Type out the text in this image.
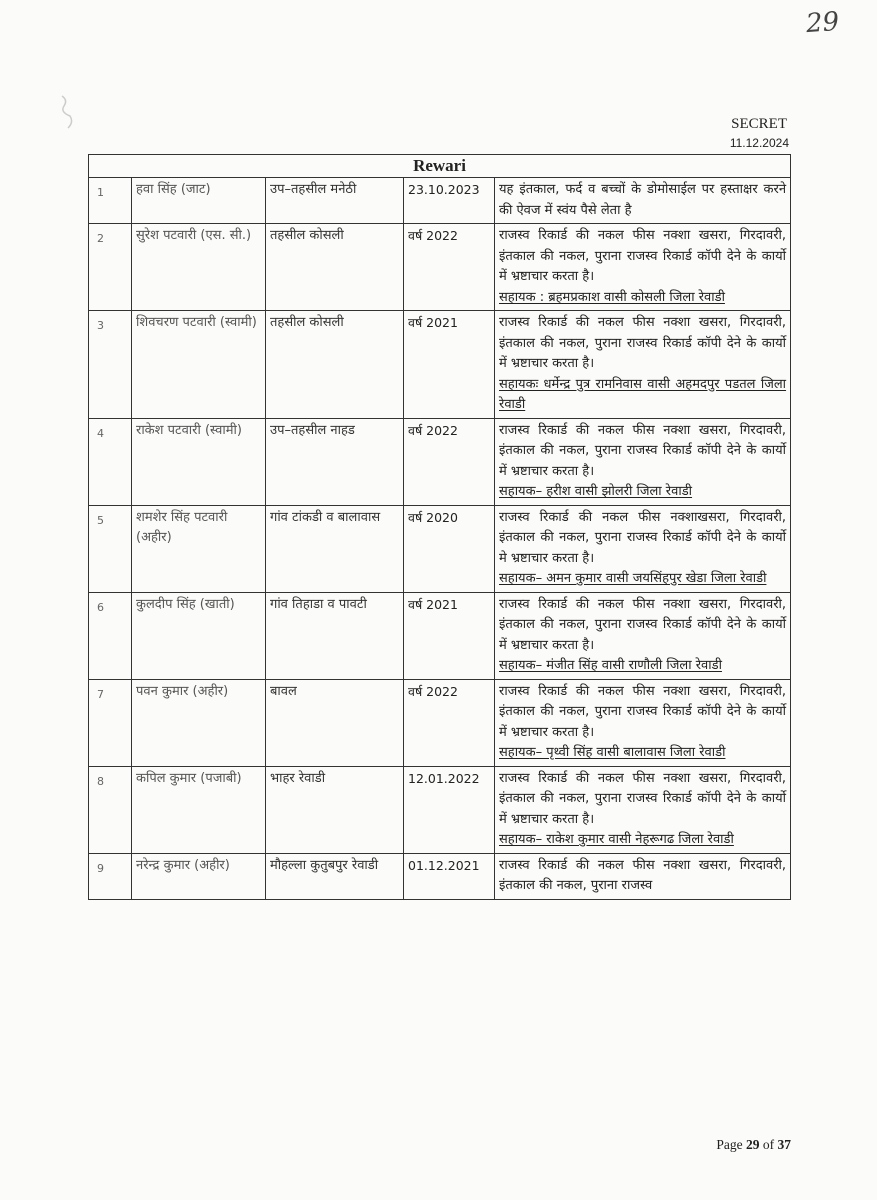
29
SECRET
11.12.2024
Rewari				
1	हवा सिंह (जाट)	उप–तहसील मनेठी	23.10.2023	यह इंतकाल, फर्द व बच्चों के डोमोसाईल पर हस्ताक्षर करने की ऐवज में स्वंय पैसे लेता है
2	सुरेश पटवारी (एस. सी.)	तहसील कोसली	वर्ष 2022	राजस्व रिकार्ड की नकल फीस नक्शा खसरा, गिरदावरी, इंतकाल की नकल, पुराना राजस्व रिकार्ड कॉपी देने के कार्यो में भ्रष्टाचार करता है।
सहायक : ब्रहमप्रकाश वासी कोसली जिला रेवाडी

3	शिवचरण पटवारी (स्वामी)	तहसील कोसली	वर्ष 2021	राजस्व रिकार्ड की नकल फीस नक्शा खसरा, गिरदावरी, इंतकाल की नकल, पुराना राजस्व रिकार्ड कॉपी देने के कार्यो में भ्रष्टाचार करता है।
सहायकः धर्मेन्द्र पुत्र रामनिवास वासी अहमदपुर पडतल जिला रेवाडी

4	राकेश पटवारी (स्वामी)	उप–तहसील नाहड	वर्ष 2022	राजस्व रिकार्ड की नकल फीस नक्शा खसरा, गिरदावरी, इंतकाल की नकल, पुराना राजस्व रिकार्ड कॉपी देने के कार्यो में भ्रष्टाचार करता है।
सहायक– हरीश वासी झोलरी जिला रेवाडी

5	शमशेर सिंह पटवारी (अहीर)	गांव टांकडी व बालावास	वर्ष 2020	राजस्व रिकार्ड की नकल फीस नक्शाखसरा, गिरदावरी, इंतकाल की नकल, पुराना राजस्व रिकार्ड कॉपी देने के कार्यो मे भ्रष्टाचार करता है।
सहायक– अमन कुमार वासी जयसिंहपुर खेडा जिला रेवाडी

6	कुलदीप सिंह (खाती)	गांव तिहाडा व पावटी	वर्ष 2021	राजस्व रिकार्ड की नकल फीस नक्शा खसरा, गिरदावरी, इंतकाल की नकल, पुराना राजस्व रिकार्ड कॉपी देने के कार्यो में भ्रष्टाचार करता है।
सहायक– मंजीत सिंह वासी राणौली जिला रेवाडी

7	पवन कुमार (अहीर)	बावल	वर्ष 2022	राजस्व रिकार्ड की नकल फीस नक्शा खसरा, गिरदावरी, इंतकाल की नकल, पुराना राजस्व रिकार्ड कॉपी देने के कार्यो में भ्रष्टाचार करता है।
सहायक– पृथ्वी सिंह वासी बालावास जिला रेवाडी

8	कपिल कुमार (पजाबी)	भाहर रेवाडी	12.01.2022	राजस्व रिकार्ड की नकल फीस नक्शा खसरा, गिरदावरी, इंतकाल की नकल, पुराना राजस्व रिकार्ड कॉपी देने के कार्यो में भ्रष्टाचार करता है।
सहायक– राकेश कुमार वासी नेहरूगढ जिला रेवाडी

9	नरेन्द्र कुमार (अहीर)	मौहल्ला कुतुबपुर रेवाडी	01.12.2021	राजस्व रिकार्ड की नकल फीस नक्शा खसरा, गिरदावरी, इंतकाल की नकल, पुराना राजस्व
Page 29 of 37
